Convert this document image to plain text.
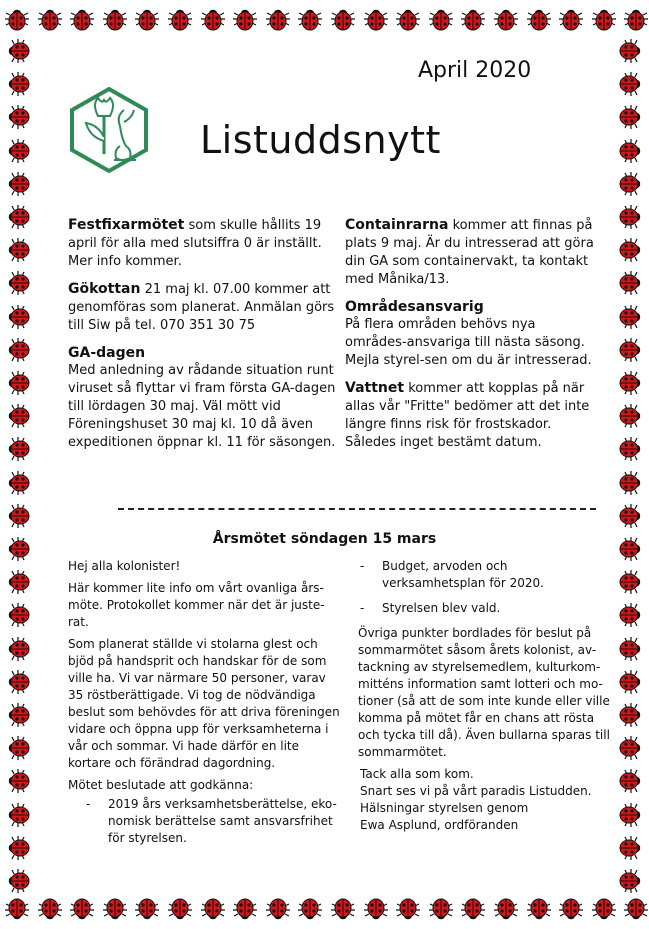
April 2020
Listuddsnytt

Festfixarmötet som skulle hållits 19 april för alla med slutsiffra 0 är inställt. Mer info kommer.

Gökottan 21 maj kl. 07.00 kommer att genomföras som planerat. Anmälan görs till Siw på tel. 070 351 30 75

GA-dagen

Med anledning av rådande situation runt viruset så flyttar vi fram första GA-dagen till lördagen 30 maj. Väl mött vid Föreningshuset 30 maj kl. 10 då även expeditionen öppnar kl. 11 för säsongen.

Containrarna kommer att finnas på plats 9 maj. Är du intresserad att göra din GA som containervakt, ta kontakt med Månika/13.

Områdesansvarig

På flera områden behövs nya områdes-ansvariga till nästa säsong. Mejla styrel-sen om du är intresserad.

Vattnet kommer att kopplas på när allas vår "Fritte" bedömer att det inte längre finns risk för frostskador. Således inget bestämt datum.

Årsmötet söndagen 15 mars

Hej alla kolonister!

Här kommer lite info om vårt ovanliga års-möte. Protokollet kommer när det är juste-rat.

Som planerat ställde vi stolarna glest och bjöd på handsprit och handskar för de som ville ha. Vi var närmare 50 personer, varav 35 röstberättigade. Vi tog de nödvändiga beslut som behövdes för att driva föreningen vidare och öppna upp för verksamheterna i vår och sommar. Vi hade därför en lite kortare och förändrad dagordning.

Mötet beslutade att godkänna:

-	2019 års verksamhetsberättelse, eko-nomisk berättelse samt ansvarsfrihet för styrelsen.
-	Budget, arvoden och verksamhetsplan för 2020.
-	Styrelsen blev vald.

Övriga punkter bordlades för beslut på sommarmötet såsom årets kolonist, av-tackning av styrelsemedlem, kulturkom-mitténs information samt lotteri och mo-tioner (så att de som inte kunde eller ville komma på mötet får en chans att rösta och tycka till då). Även bullarna sparas till sommarmötet.

Tack alla som kom.
Snart ses vi på vårt paradis Listudden.
Hälsningar styrelsen genom
Ewa Asplund, ordföranden
